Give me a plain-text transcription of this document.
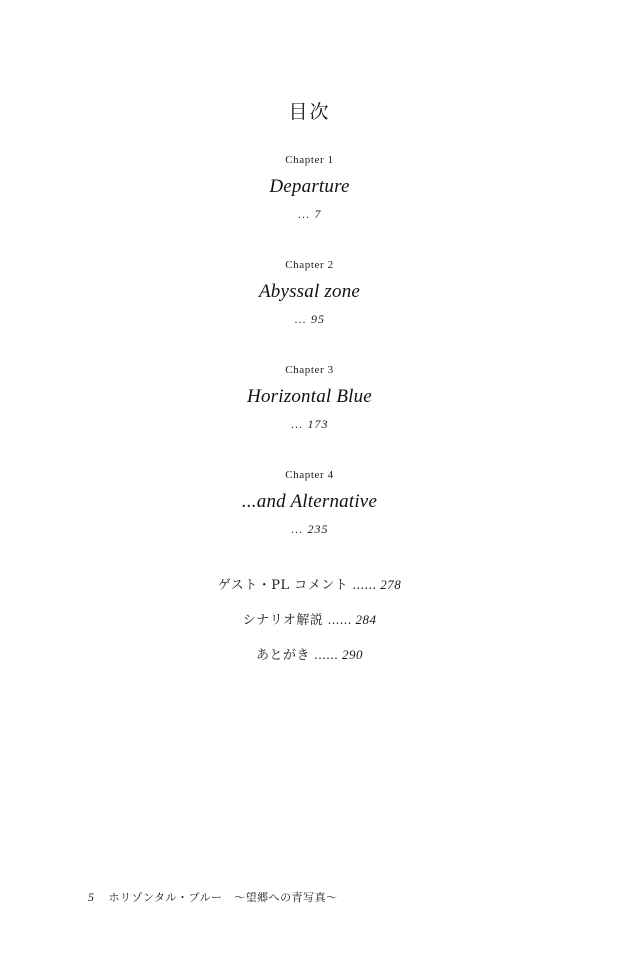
目次
Chapter 1
Departure
… 7
Chapter 2
Abyssal zone
… 95
Chapter 3
Horizontal Blue
… 173
Chapter 4
...and Alternative
… 235
ゲスト・PL コメント …… 278
シナリオ解説 …… 284
あとがき …… 290
5 ホリゾンタル・ブルー　〜望郷への青写真〜
